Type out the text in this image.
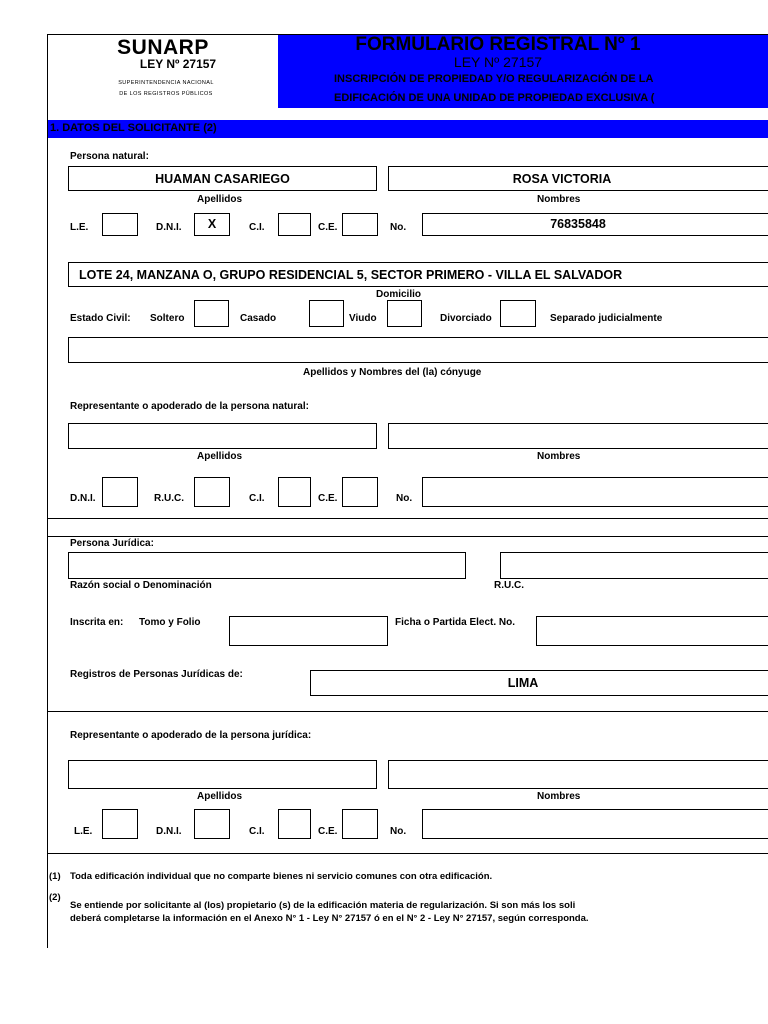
SUNARP
LEY Nº 27157
SUPERINTENDENCIA NACIONAL
DE LOS REGISTROS PÚBLICOS
FORMULARIO REGISTRAL Nº 1
LEY Nº 27157
INSCRIPCIÓN DE PROPIEDAD Y/O REGULARIZACIÓN DE LA
EDIFICACIÓN DE UNA UNIDAD DE PROPIEDAD EXCLUSIVA (
1. DATOS DEL SOLICITANTE (2)
Persona natural:
HUAMAN CASARIEGO	ROSA VICTORIA
Apellidos	Nombres
L.E.	D.N.I.	X	C.I.	C.E.	No.	76835848
LOTE 24, MANZANA O, GRUPO RESIDENCIAL 5, SECTOR PRIMERO - VILLA EL SALVADOR
Domicilio
Estado Civil: Soltero	Casado	Viudo	Divorciado	Separado judicialmente
Apellidos y Nombres del (la) cónyuge
Representante o apoderado de la persona natural:
Apellidos	Nombres
D.N.I.	R.U.C.	C.I.	C.E.	No.
Persona Jurídica:
Razón social o Denominación	R.U.C.
Inscrita en: Tomo y Folio	Ficha o Partida Elect. No.
Registros de Personas Jurídicas de:
LIMA
Representante o apoderado de la persona jurídica:
Apellidos	Nombres
L.E.	D.N.I.	C.I.	C.E.	No.
(1) Toda edificación individual que no comparte bienes ni servicio comunes con otra edificación.
(2)
Se entiende por solicitante al (los) propietario (s) de la edificación materia de regularización. Si son más los soli
deberá completarse la información en el Anexo N° 1 - Ley N° 27157 ó en el N° 2 - Ley N° 27157, según corresponda.
